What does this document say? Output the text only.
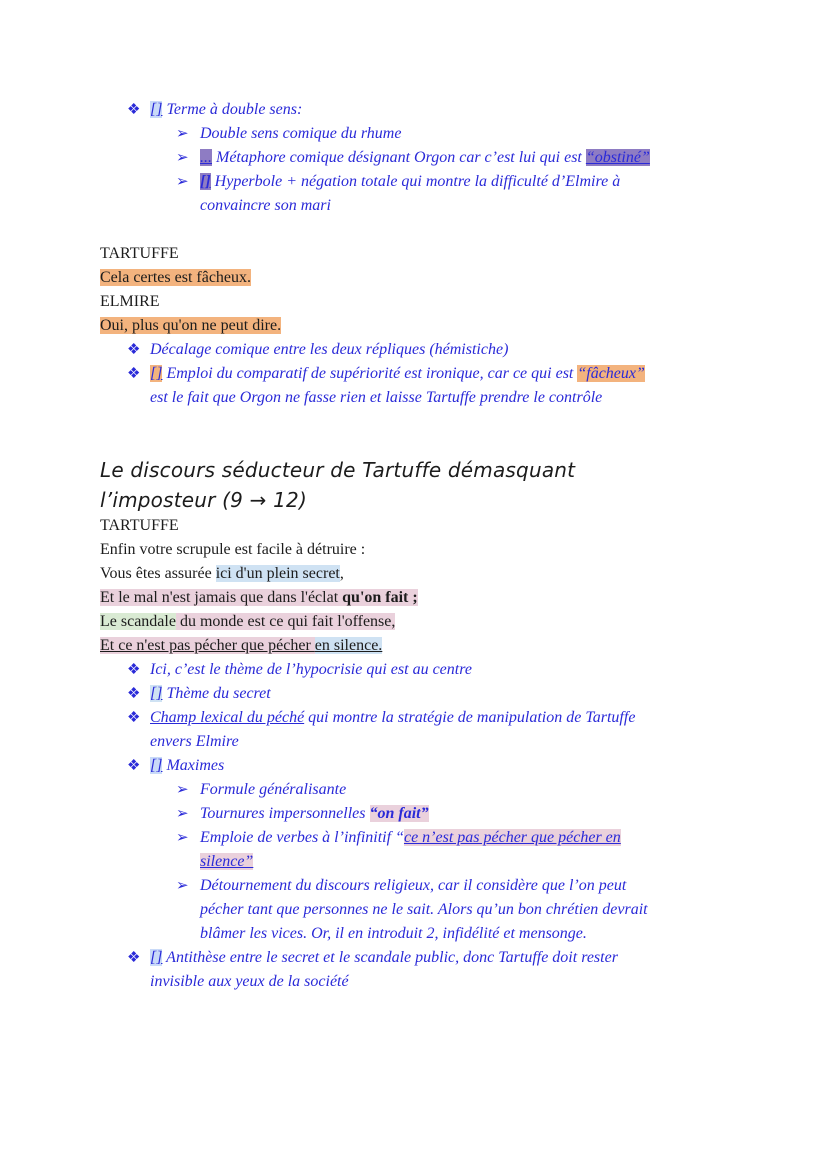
❖ [] Terme à double sens:
➢ Double sens comique du rhume
➢ ... Métaphore comique désignant Orgon car c’est lui qui est “obstiné”
➢ [] Hyperbole + négation totale qui montre la difficulté d’Elmire à
convaincre son mari
TARTUFFE
Cela certes est fâcheux.
ELMIRE
Oui, plus qu'on ne peut dire.
❖ Décalage comique entre les deux répliques (hémistiche)
❖ [] Emploi du comparatif de supériorité est ironique, car ce qui est “fâcheux”
est le fait que Orgon ne fasse rien et laisse Tartuffe prendre le contrôle
Le discours séducteur de Tartuffe démasquant
l’imposteur (9 → 12)
TARTUFFE
Enfin votre scrupule est facile à détruire :
Vous êtes assurée ici d'un plein secret,
Et le mal n'est jamais que dans l'éclat qu'on fait ;
Le scandale du monde est ce qui fait l'offense,
Et ce n'est pas pécher que pécher en silence.
❖ Ici, c’est le thème de l’hypocrisie qui est au centre
❖ [] Thème du secret
❖ Champ lexical du péché qui montre la stratégie de manipulation de Tartuffe
envers Elmire
❖ [] Maximes
➢ Formule généralisante
➢ Tournures impersonnelles “on fait”
➢ Emploie de verbes à l’infinitif “ce n’est pas pécher que pécher en
silence”
➢ Détournement du discours religieux, car il considère que l’on peut
pécher tant que personnes ne le sait. Alors qu’un bon chrétien devrait
blâmer les vices. Or, il en introduit 2, infidélité et mensonge.
❖ [] Antithèse entre le secret et le scandale public, donc Tartuffe doit rester
invisible aux yeux de la société
